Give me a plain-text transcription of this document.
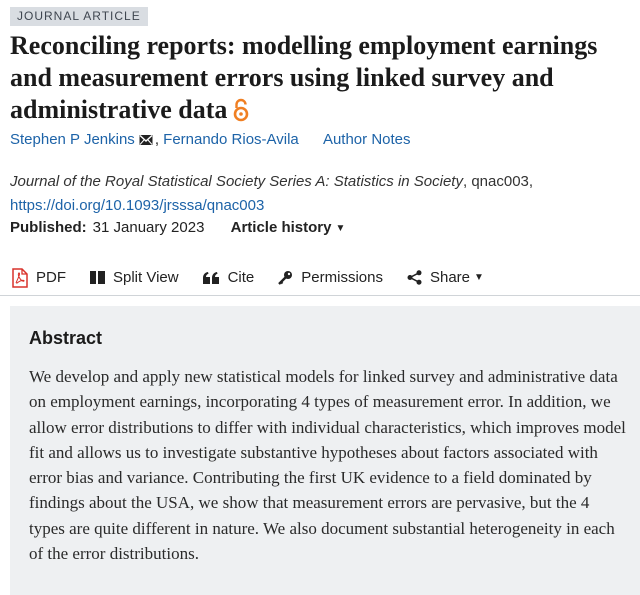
JOURNAL ARTICLE
Reconciling reports: modelling employment earnings and measurement errors using linked survey and administrative data
Stephen P Jenkins , Fernando Rios-Avila Author Notes
Journal of the Royal Statistical Society Series A: Statistics in Society, qnac003,
https://doi.org/10.1093/jrsssa/qnac003
Published: 31 January 2023 Article history ▼
PDF	Split View	Cite	Permissions	Share ▼
Abstract

We develop and apply new statistical models for linked survey and administrative data on employment earnings, incorporating 4 types of measurement error. In addition, we allow error distributions to differ with individual characteristics, which improves model fit and allows us to investigate substantive hypotheses about factors associated with error bias and variance. Contributing the first UK evidence to a field dominated by findings about the USA, we show that measurement errors are pervasive, but the 4 types are quite different in nature. We also document substantial heterogeneity in each of the error distributions.
